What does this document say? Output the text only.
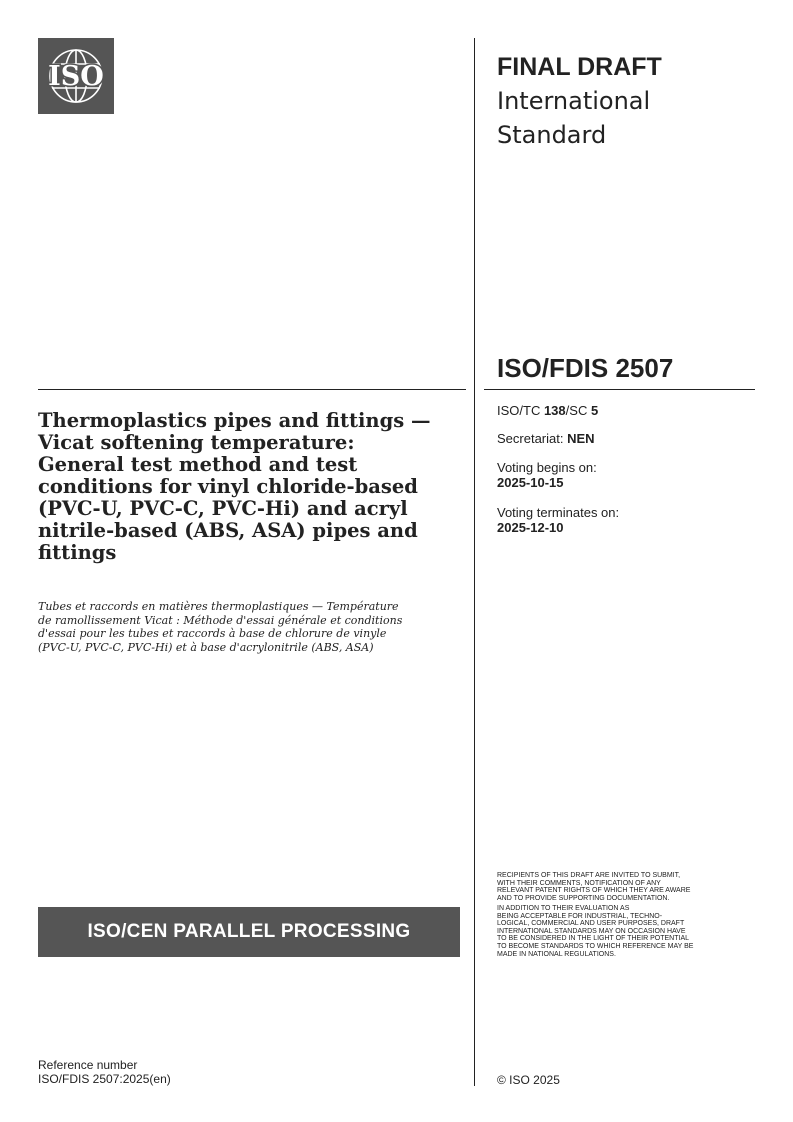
ISO	FINAL DRAFT
International
Standard
ISO/FDIS 2507
ISO/TC 138/SC 5
Secretariat: NEN
Voting begins on:
2025-10-15
Voting terminates on:
2025-12-10
Thermoplastics pipes and fittings —
Vicat softening temperature:
General test method and test
conditions for vinyl chloride-based
(PVC-U, PVC-C, PVC-Hi) and acryl
nitrile-based (ABS, ASA) pipes and
fittings
Tubes et raccords en matières thermoplastiques — Température
de ramollissement Vicat : Méthode d'essai générale et conditions
d'essai pour les tubes et raccords à base de chlorure de vinyle
(PVC-U, PVC-C, PVC-Hi) et à base d'acrylonitrile (ABS, ASA)
ISO/CEN PARALLEL PROCESSING
RECIPIENTS OF THIS DRAFT ARE INVITED TO SUBMIT,
WITH THEIR COMMENTS, NOTIFICATION OF ANY
RELEVANT PATENT RIGHTS OF WHICH THEY ARE AWARE
AND TO PROVIDE SUPPORTING DOCUMENTATION.
IN ADDITION TO THEIR EVALUATION AS
BEING ACCEPTABLE FOR INDUSTRIAL, TECHNO-
LOGICAL, COMMERCIAL AND USER PURPOSES, DRAFT
INTERNATIONAL STANDARDS MAY ON OCCASION HAVE
TO BE CONSIDERED IN THE LIGHT OF THEIR POTENTIAL
TO BECOME STANDARDS TO WHICH REFERENCE MAY BE
MADE IN NATIONAL REGULATIONS.
Reference number
ISO/FDIS 2507:2025(en)	© ISO 2025
